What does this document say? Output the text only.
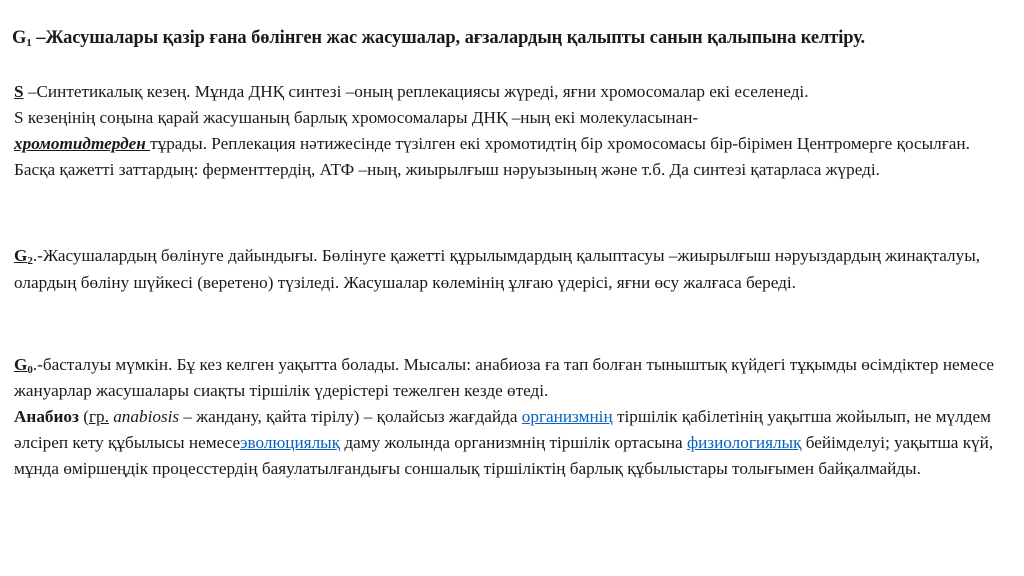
$G_1$ –Жасушалары қазір ғана бөлінген жас жасушалар, ағзалардың қалыпты санын қалыпына келтіру.

S –Синтетикалық кезең. Мұнда ДНҚ синтезі –оның реплекациясы жүреді, яғни хромосомалар екі еселенеді.

S кезеңінің соңына қарай жасушаның барлық хромосомалары ДНҚ –ның екі молекуласынан-
хромотидтерден тұрады. Реплекация нәтижесінде түзілген екі хромотидтің бір хромосомасы бір-бірімен Центромерге қосылған. Басқа қажетті заттардың: ферменттердің, АТФ –ның, жиырылғыш нәруызының және т.б. Да синтезі қатарласа жүреді.

$G_2$.-Жасушалардың бөлінуге дайындығы. Бөлінуге қажетті құрылымдардың қалыптасуы –жиырылғыш нәруыздардың жинақталуы, олардың бөліну шүйкесі (веретено) түзіледі. Жасушалар көлемінің ұлғаю үдерісі, яғни өсу жалғаса береді.

$G_0$.-басталуы мүмкін. Бұ кез келген уақытта болады. Мысалы: анабиоза ға тап болған тыныштық күйдегі тұқымды өсімдіктер немесе жануарлар жасушалары сиақты тіршілік үдерістері тежелген кезде өтеді.

Анабиоз (гр. anabiosis – жандану, қайта тірілу) – қолайсыз жағдайда организмнің тіршілік қабілетінің уақытша жойылып, не мүлдем әлсіреп кету құбылысы немесеэволюциялық даму жолында организмнің тіршілік ортасына физиологиялық бейімделуі; уақытша күй, мұнда өміршеңдік процесстердің баяулатылғандығы соншалық тіршіліктің барлық құбылыстары толығымен байқалмайды.
